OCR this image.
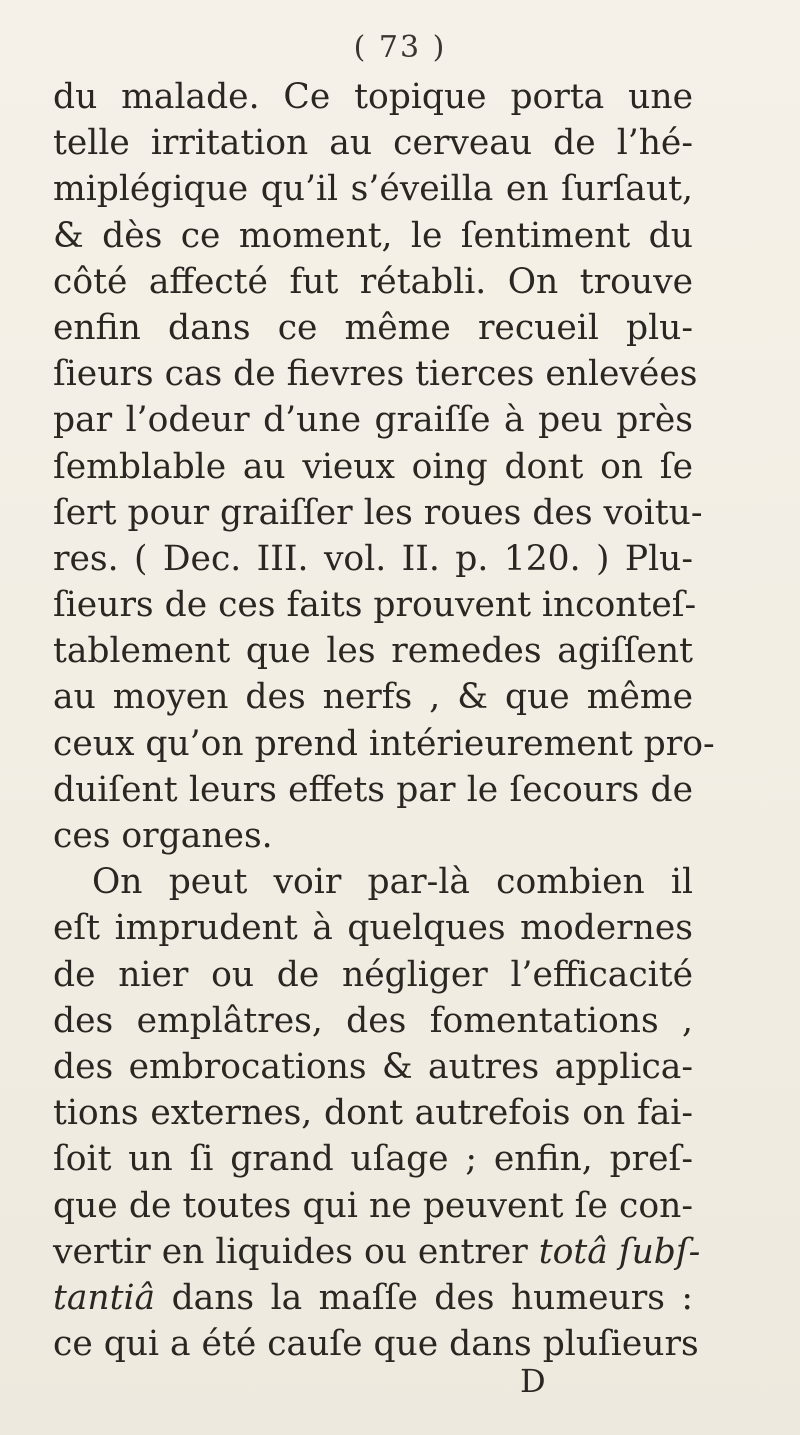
( 73 )
du malade. Ce topique porta une
telle irritation au cerveau de l’hé-
miplégique qu’il s’éveilla en ſurſaut,
& dès ce moment, le ſentiment du
côté affecté fut rétabli. On trouve
enfin dans ce même recueil plu-
ſieurs cas de fievres tierces enlevées
par l’odeur d’une graiſſe à peu près
ſemblable au vieux oing dont on ſe
ſert pour graiſſer les roues des voitu-
res. ( Dec. III. vol. II. p. 120. ) Plu-
ſieurs de ces faits prouvent inconteſ-
tablement que les remedes agiſſent
au moyen des nerfs , & que même
ceux qu’on prend intérieurement pro-
duiſent leurs effets par le ſecours de
ces organes.
On peut voir par-là combien il
eſt imprudent à quelques modernes
de nier ou de négliger l’efficacité
des emplâtres, des fomentations ,
des embrocations & autres applica-
tions externes, dont autrefois on fai-
ſoit un ſi grand uſage ; enfin, preſ-
que de toutes qui ne peuvent ſe con-
vertir en liquides ou entrer totâ ſubſ-
tantiâ dans la maſſe des humeurs :
ce qui a été cauſe que dans pluſieurs
D
